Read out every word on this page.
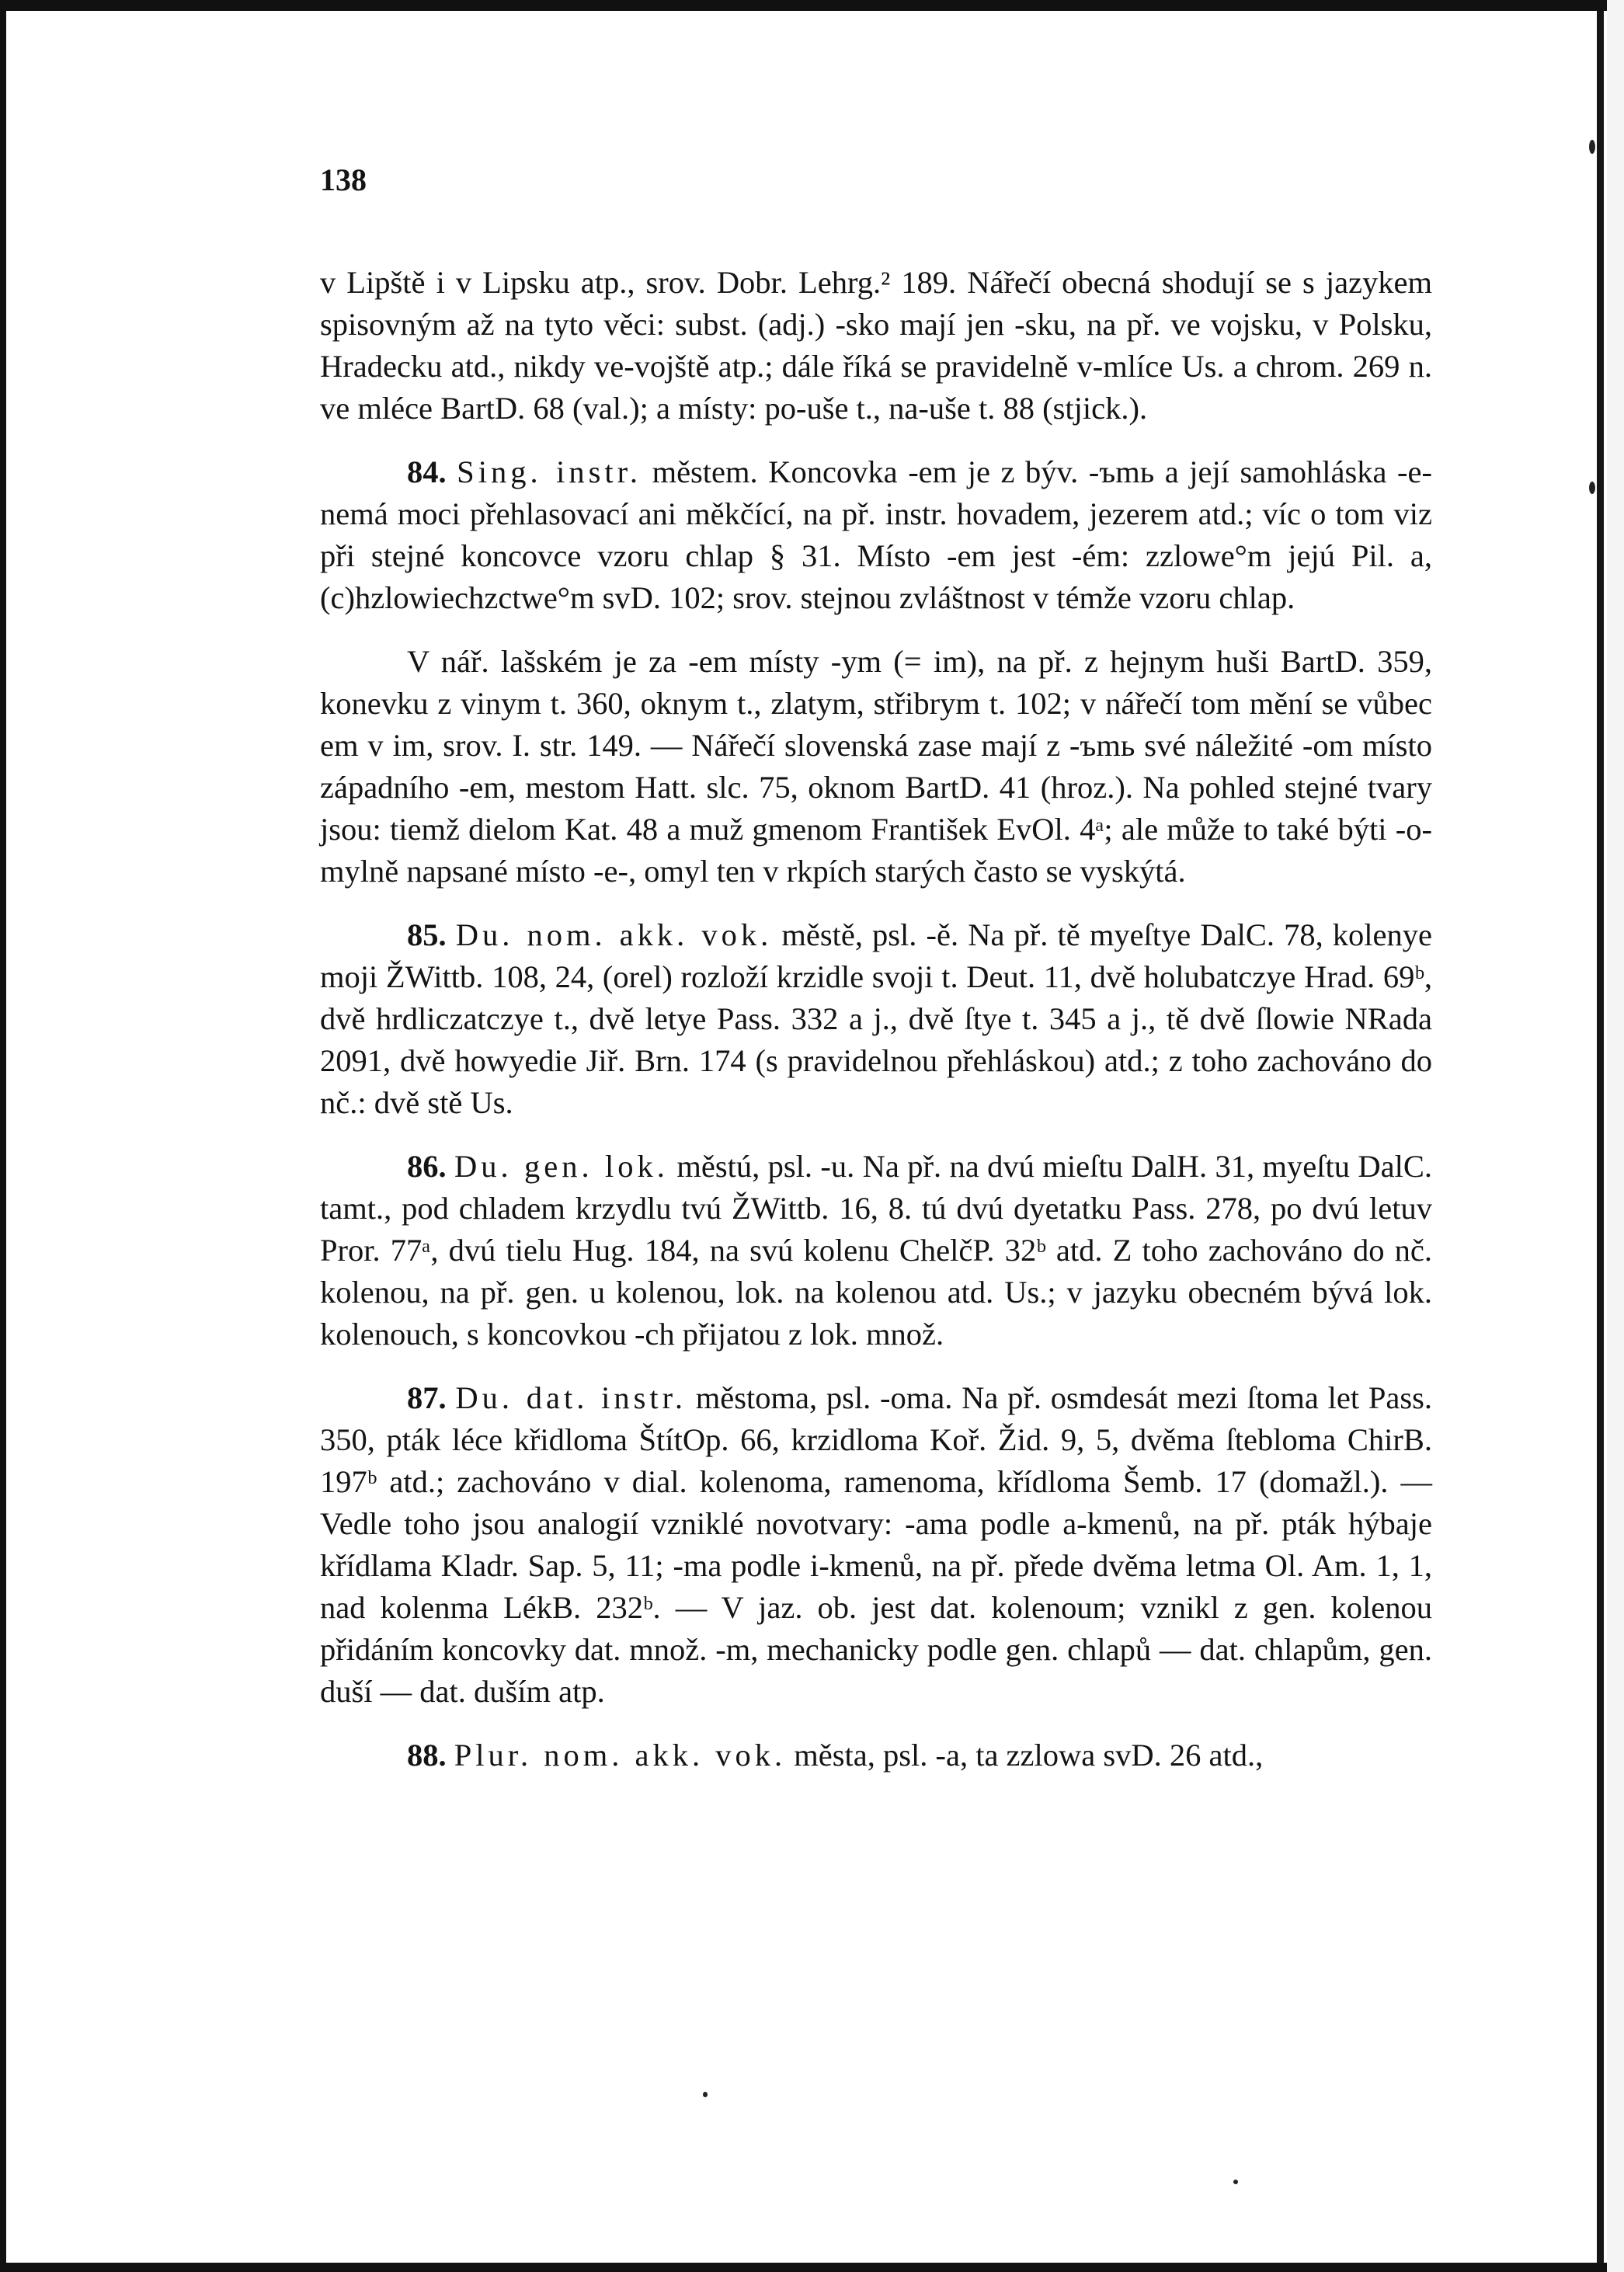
138

v Lipště i v Lipsku atp., srov. Dobr. Lehrg.² 189. Nářečí obecná shodují se s jazykem spisovným až na tyto věci: subst. (adj.) -sko mají jen -sku, na př. ve vojsku, v Polsku, Hradecku atd., nikdy ve-vojště atp.; dále říká se pravidelně v-mlíce Us. a chrom. 269 n. ve mléce BartD. 68 (val.); a místy: po-uše t., na-uše t. 88 (stjick.).

84. Sing. instr. městem. Koncovka -em je z býv. -ъmь a její samohláska -e- nemá moci přehlasovací ani měkčící, na př. instr. hovadem, jezerem atd.; víc o tom viz při stejné koncovce vzoru chlap § 31. Místo -em jest -ém: zzlowe°m jejú Pil. a, (c)hzlowiechzctwe°m svD. 102; srov. stejnou zvláštnost v témže vzoru chlap.

V nář. lašském je za -em místy -ym (= im), na př. z hejnym huši BartD. 359, konevku z vinym t. 360, oknym t., zlatym, střibrym t. 102; v nářečí tom mění se vůbec em v im, srov. I. str. 149. — Nářečí slovenská zase mají z -ъmь své náležité -om místo západního -em, mestom Hatt. slc. 75, oknom BartD. 41 (hroz.). Na pohled stejné tvary jsou: tiemž dielom Kat. 48 a muž gmenom František EvOl. 4ᵃ; ale může to také býti -o- mylně napsané místo -e-, omyl ten v rkpích starých často se vyskýtá.

85. Du. nom. akk. vok. městě, psl. -ě. Na př. tě myeſtye DalC. 78, kolenye moji ŽWittb. 108, 24, (orel) rozloží krzidle svoji t. Deut. 11, dvě holubatczye Hrad. 69ᵇ, dvě hrdliczatczye t., dvě letye Pass. 332 a j., dvě ſtye t. 345 a j., tě dvě ſlowie NRada 2091, dvě howyedie Jiř. Brn. 174 (s pravidelnou přehláskou) atd.; z toho zachováno do nč.: dvě stě Us.

86. Du. gen. lok. městú, psl. -u. Na př. na dvú mieſtu DalH. 31, myeſtu DalC. tamt., pod chladem krzydlu tvú ŽWittb. 16, 8. tú dvú dyetatku Pass. 278, po dvú letuv Pror. 77ᵃ, dvú tielu Hug. 184, na svú kolenu ChelčP. 32ᵇ atd. Z toho zachováno do nč. kolenou, na př. gen. u kolenou, lok. na kolenou atd. Us.; v jazyku obecném bývá lok. kolenouch, s koncovkou -ch přijatou z lok. množ.

87. Du. dat. instr. městoma, psl. -oma. Na př. osmdesát mezi ſtoma let Pass. 350, pták léce křidloma ŠtítOp. 66, krzidloma Koř. Žid. 9, 5, dvěma ſtebloma ChirB. 197ᵇ atd.; zachováno v dial. kolenoma, ramenoma, křídloma Šemb. 17 (domažl.). — Vedle toho jsou analogií vzniklé novotvary: -ama podle a-kmenů, na př. pták hýbaje křídlama Kladr. Sap. 5, 11; -ma podle i-kmenů, na př. přede dvěma letma Ol. Am. 1, 1, nad kolenma LékB. 232ᵇ. — V jaz. ob. jest dat. kolenoum; vznikl z gen. kolenou přidáním koncovky dat. množ. -m, mechanicky podle gen. chlapů — dat. chlapům, gen. duší — dat. duším atp.

88. Plur. nom. akk. vok. města, psl. -a, ta zzlowa svD. 26 atd.,
